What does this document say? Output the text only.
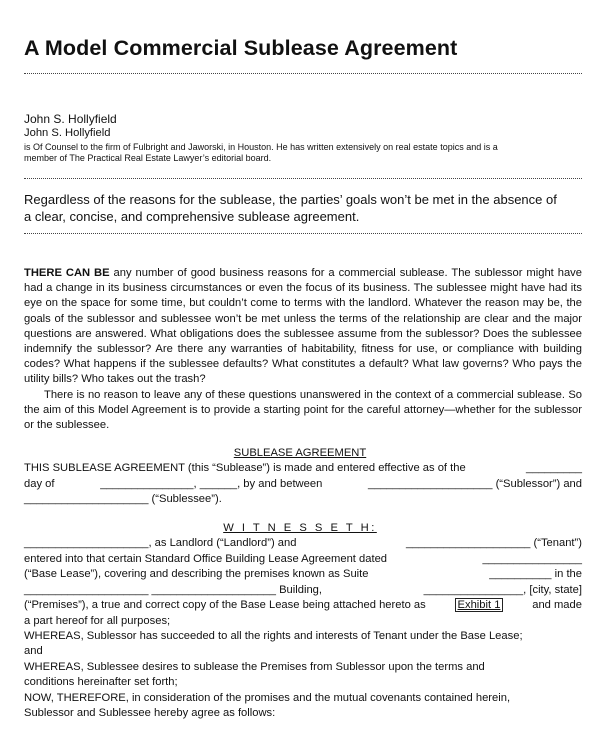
A Model Commercial Sublease Agreement
John S. Hollyfield
John S. Hollyfield
is Of Counsel to the firm of Fulbright and Jaworski, in Houston. He has written extensively on real estate topics and is a
member of The Practical Real Estate Lawyer’s editorial board.
Regardless of the reasons for the sublease, the parties’ goals won’t be met in the absence of
a clear, concise, and comprehensive sublease agreement.

THERE CAN BE any number of good business reasons for a commercial sublease. The sublessor might have had a change in its business circumstances or even the focus of its business. The sublessee might have had its eye on the space for some time, but couldn’t come to terms with the landlord. Whatever the reason may be, the goals of the sublessor and sublessee won’t be met unless the terms of the relationship are clear and the major questions are answered. What obligations does the sublessee assume from the sublessor? Does the sublessee indemnify the sublessor? Are there any warranties of habitability, fitness for use, or compliance with building codes? What happens if the sublessee defaults? What constitutes a default? What law governs? Who pays the utility bills? Who takes out the trash?

There is no reason to leave any of these questions unanswered in the context of a commercial sublease. So the aim of this Model Agreement is to provide a starting point for the careful attorney—whether for the sublessor or the sublessee.

SUBLEASE AGREEMENT
THIS SUBLEASE AGREEMENT (this “Sublease”) is made and entered effective as of the	_________
day of	_______________, ______, by and between	____________________ (“Sublessor”) and
____________________ (“Sublessee”).
W I T N E S S E T H:
____________________, as Landlord (“Landlord”) and	____________________ (“Tenant”)
entered into that certain Standard Office Building Lease Agreement dated	________________
(“Base Lease”), covering and describing the premises known as Suite	__________ in the
____________________ ____________________ Building,	________________, [city, state]
(“Premises”), a true and correct copy of the Base Lease being attached hereto as	Exhibit 1	and made
a part hereof for all purposes;
WHEREAS, Sublessor has succeeded to all the rights and interests of Tenant under the Base Lease;
and
WHEREAS, Sublessee desires to sublease the Premises from Sublessor upon the terms and
conditions hereinafter set forth;
NOW, THEREFORE, in consideration of the promises and the mutual covenants contained herein,
Sublessor and Sublessee hereby agree as follows:
